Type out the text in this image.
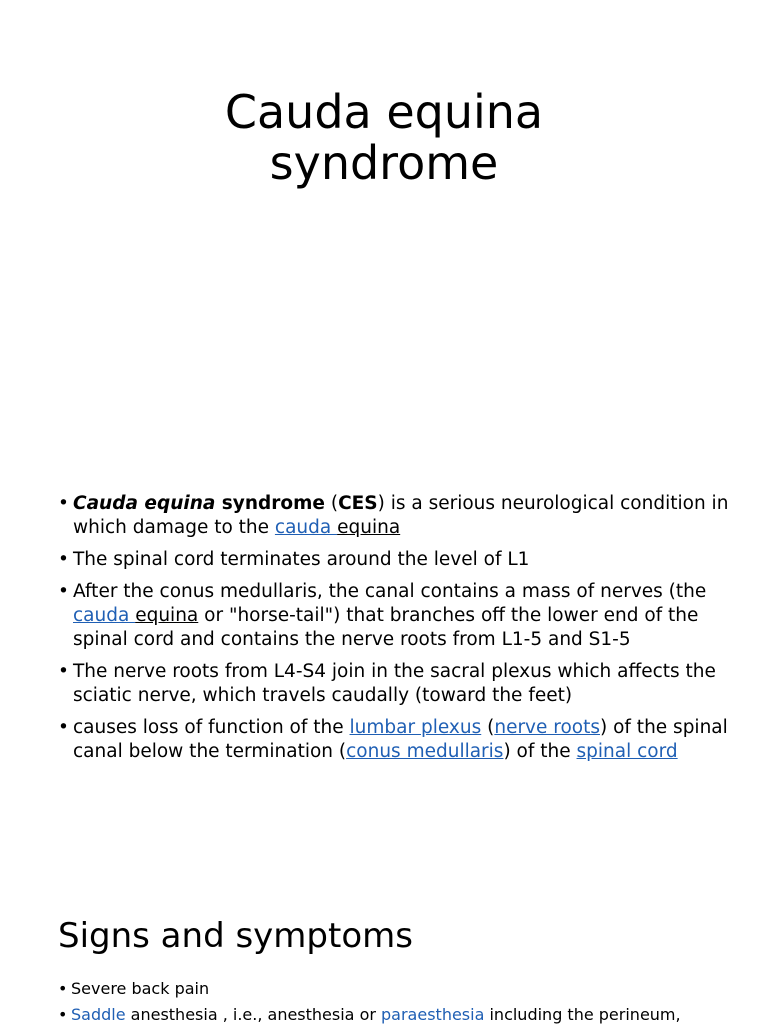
Cauda equina
syndrome
• Cauda equina syndrome (CES) is a serious neurological condition in which damage to the cauda equina
• The spinal cord terminates around the level of L1
• After the conus medullaris, the canal contains a mass of nerves (the cauda equina or "horse-tail") that branches off the lower end of the spinal cord and contains the nerve roots from L1-5 and S1-5
• The nerve roots from L4-S4 join in the sacral plexus which affects the sciatic nerve, which travels caudally (toward the feet)
• causes loss of function of the lumbar plexus (nerve roots) of the spinal canal below the termination (conus medullaris) of the spinal cord
Signs and symptoms
• Severe back pain
• Saddle anesthesia , i.e., anesthesia or paraesthesia including the perineum,
